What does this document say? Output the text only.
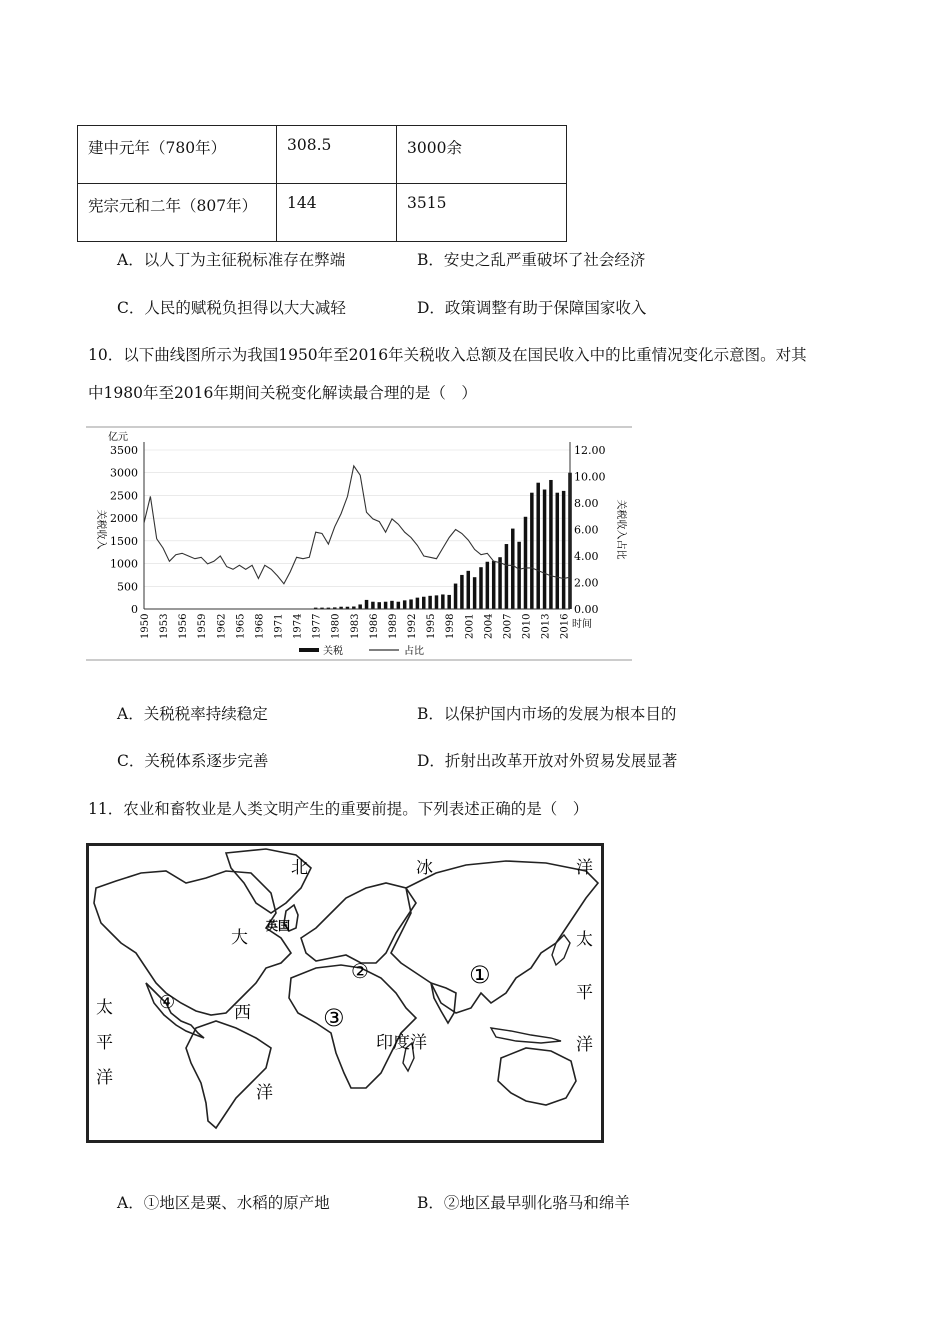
建中元年（780年）	308.5	3000余
宪宗元和二年（807年）	144	3515
A．以人丁为主征税标准存在弊端	B．安史之乱严重破坏了社会经济
C．人民的赋税负担得以大大减轻	D．政策调整有助于保障国家收入
10．以下曲线图所示为我国1950年至2016年关税收入总额及在国民收入中的比重情况变化示意图。对其
中1980年至2016年期间关税变化解读最合理的是（　）
3500
3000
2500
2000
1500
1000
500
0
12.00
10.00
8.00
6.00
4.00
2.00
0.00
1950 1953 1956 1959 1962 1965 1968 1971 1974 1977 1980 1983 1986 1989 1992 1995 1998 2001 2004 2007 2010 2013 2016 时间
亿元
关税收入	关税收入占比
关税	占比
A．关税税率持续稳定	B．以保护国内市场的发展为根本目的
C．关税体系逐步完善	D．折射出改革开放对外贸易发展显著
11．农业和畜牧业是人类文明产生的重要前提。下列表述正确的是（　）
北	冰	洋
英国
大
西
洋
太
平
洋
太
平
洋
印度洋
①
②
③
④
A．①地区是粟、水稻的原产地	B．②地区最早驯化骆马和绵羊
